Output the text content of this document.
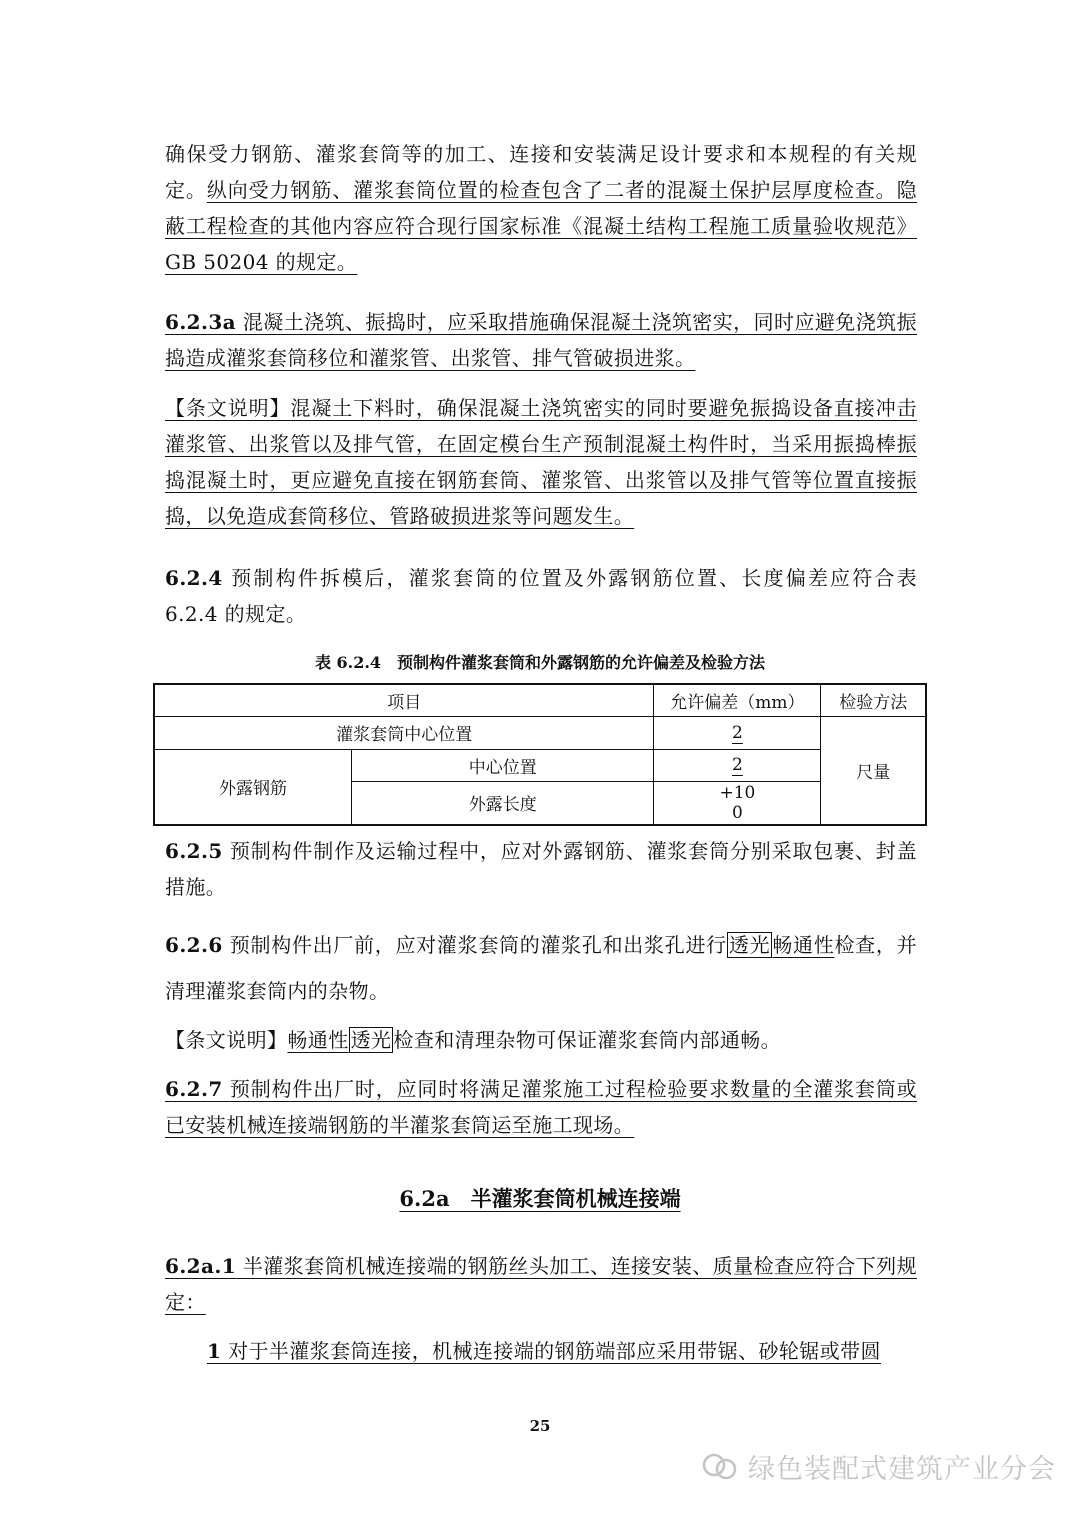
确保受力钢筋、灌浆套筒等的加工、连接和安装满足设计要求和本规程的有关规定。纵向受力钢筋、灌浆套筒位置的检查包含了二者的混凝土保护层厚度检查。隐蔽工程检查的其他内容应符合现行国家标准《混凝土结构工程施工质量验收规范》GB 50204 的规定。
6.2.3a 混凝土浇筑、振捣时，应采取措施确保混凝土浇筑密实，同时应避免浇筑振捣造成灌浆套筒移位和灌浆管、出浆管、排气管破损进浆。
【条文说明】混凝土下料时，确保混凝土浇筑密实的同时要避免振捣设备直接冲击灌浆管、出浆管以及排气管，在固定模台生产预制混凝土构件时，当采用振捣棒振捣混凝土时，更应避免直接在钢筋套筒、灌浆管、出浆管以及排气管等位置直接振捣，以免造成套筒移位、管路破损进浆等问题发生。
6.2.4 预制构件拆模后，灌浆套筒的位置及外露钢筋位置、长度偏差应符合表 6.2.4 的规定。
表 6.2.4　预制构件灌浆套筒和外露钢筋的允许偏差及检验方法
项目		允许偏差（mm）	检验方法
灌浆套筒中心位置		2	尺量
外露钢筋	中心位置	2	
	外露长度	+10
0	
6.2.5 预制构件制作及运输过程中，应对外露钢筋、灌浆套筒分别采取包裹、封盖措施。
6.2.6 预制构件出厂前，应对灌浆套筒的灌浆孔和出浆孔进行 透光 畅通性检查，并清理灌浆套筒内的杂物。
【条文说明】畅通性 透光 检查和清理杂物可保证灌浆套筒内部通畅。
6.2.7 预制构件出厂时，应同时将满足灌浆施工过程检验要求数量的全灌浆套筒或已安装机械连接端钢筋的半灌浆套筒运至施工现场。
6.2a　半灌浆套筒机械连接端
6.2a.1 半灌浆套筒机械连接端的钢筋丝头加工、连接安装、质量检查应符合下列规定：
1 对于半灌浆套筒连接，机械连接端的钢筋端部应采用带锯、砂轮锯或带圆
25
绿色装配式建筑产业分会
